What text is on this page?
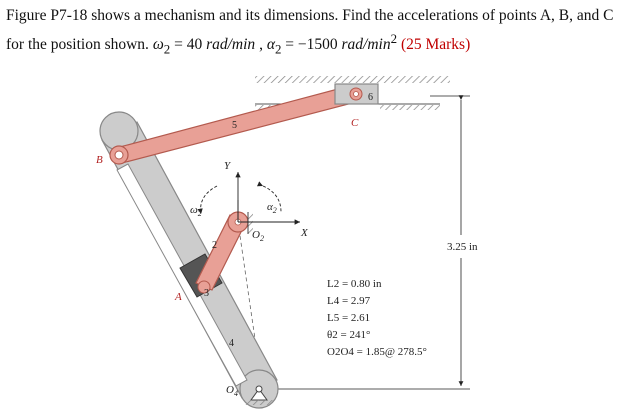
Figure P7-18 shows a mechanism and its dimensions. Find the accelerations of points A, B, and C for the position shown. $\omega_2 = 40$ rad/min , $\alpha_2 = -1500$ rad/$\min^2$ (25 Marks)
3.25 in
B
A
C
5
6
2
3
4
Y
X
$O_2$
$O_4$
$\omega_2$
$\alpha_2$
L2 = 0.80 in
L4 = 2.97
L5 = 2.61
θ2 = 241°
O2O4 = 1.85@ 278.5°
